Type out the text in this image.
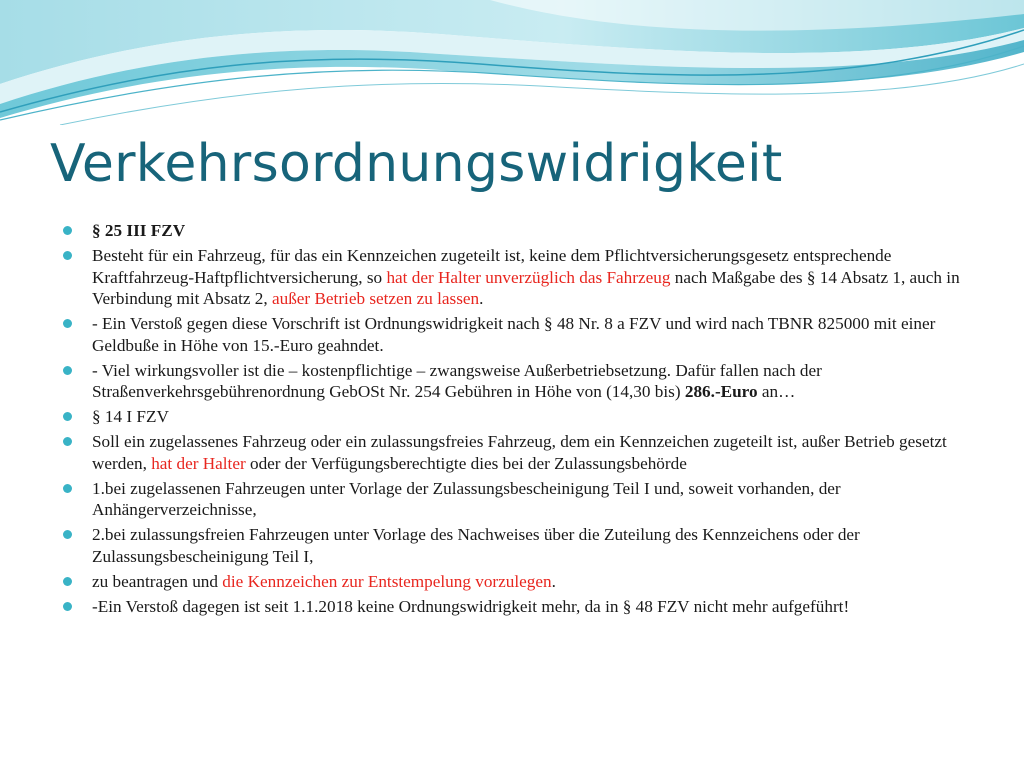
Verkehrsordnungswidrigkeit
§ 25 III FZV
Besteht für ein Fahrzeug, für das ein Kennzeichen zugeteilt ist, keine dem Pflichtversicherungsgesetz entsprechende Kraftfahrzeug-Haftpflichtversicherung, so hat der Halter unverzüglich das Fahrzeug nach Maßgabe des § 14 Absatz 1, auch in Verbindung mit Absatz 2, außer Betrieb setzen zu lassen.
- Ein Verstoß gegen diese Vorschrift ist Ordnungswidrigkeit nach § 48 Nr. 8 a FZV und wird nach TBNR 825000 mit einer Geldbuße in Höhe von 15.-Euro geahndet.
- Viel wirkungsvoller ist die – kostenpflichtige – zwangsweise Außerbetriebsetzung. Dafür fallen nach der Straßenverkehrsgebührenordnung GebOSt Nr. 254 Gebühren in Höhe von (14,30 bis) 286.-Euro an…
§ 14 I FZV
Soll ein zugelassenes Fahrzeug oder ein zulassungsfreies Fahrzeug, dem ein Kennzeichen zugeteilt ist, außer Betrieb gesetzt werden, hat der Halter oder der Verfügungsberechtigte dies bei der Zulassungsbehörde
1.bei zugelassenen Fahrzeugen unter Vorlage der Zulassungsbescheinigung Teil I und, soweit vorhanden, der Anhängerverzeichnisse,
2.bei zulassungsfreien Fahrzeugen unter Vorlage des Nachweises über die Zuteilung des Kennzeichens oder der Zulassungsbescheinigung Teil I,
zu beantragen und die Kennzeichen zur Entstempelung vorzulegen.
-Ein Verstoß dagegen ist seit 1.1.2018 keine Ordnungswidrigkeit mehr, da in § 48 FZV nicht mehr aufgeführt!
